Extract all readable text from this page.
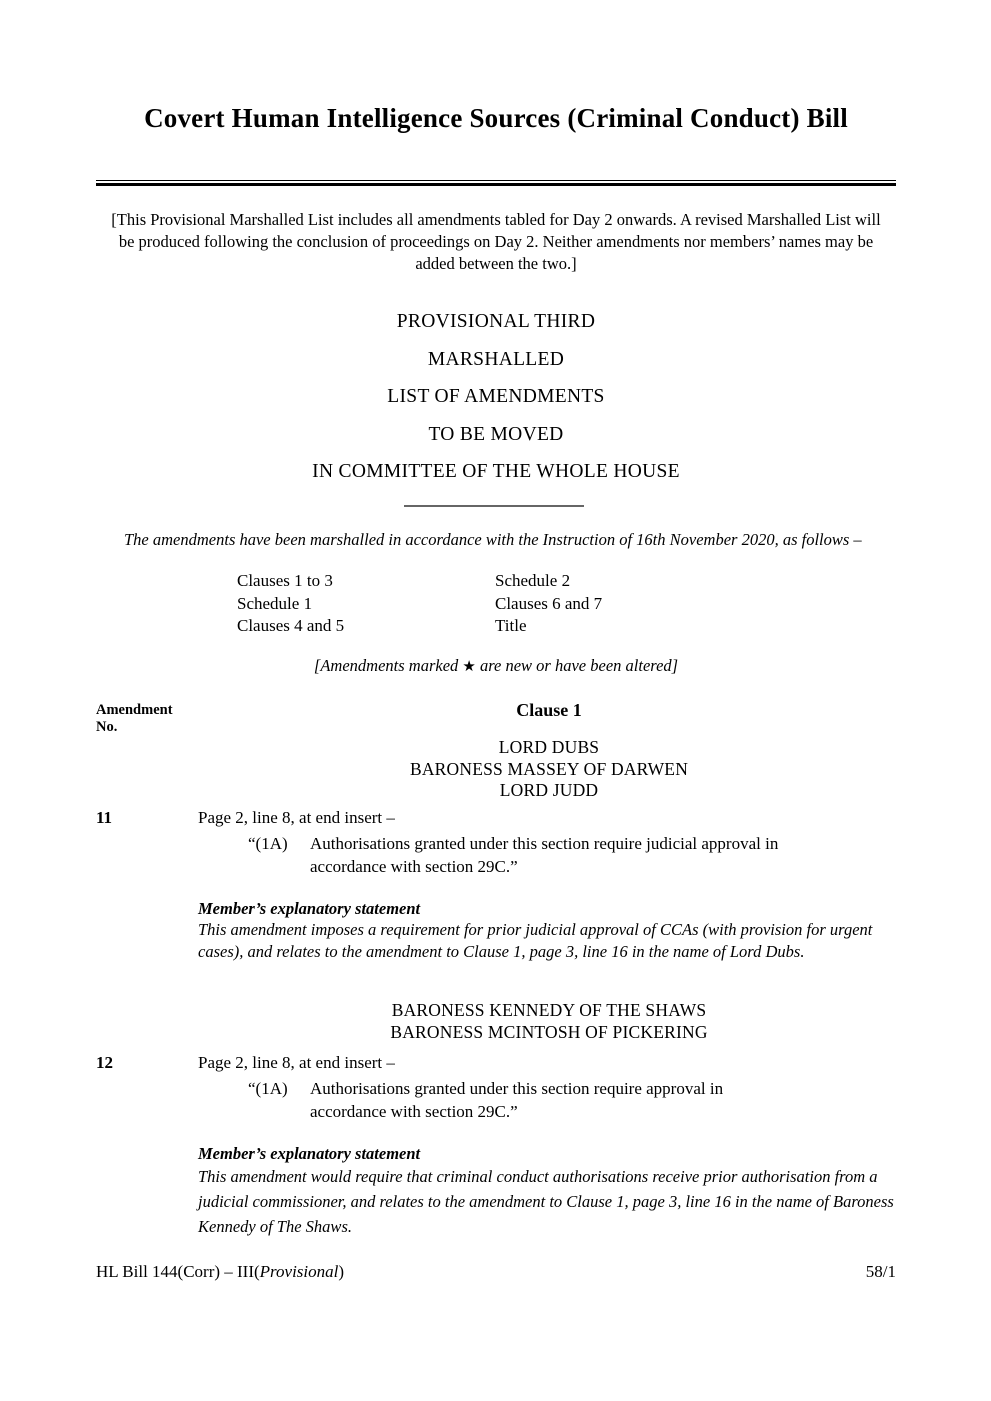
Covert Human Intelligence Sources (Criminal Conduct) Bill
[This Provisional Marshalled List includes all amendments tabled for Day 2 onwards. A revised Marshalled List will be produced following the conclusion of proceedings on Day 2. Neither amendments nor members’ names may be added between the two.]
PROVISIONAL THIRD
MARSHALLED
LIST OF AMENDMENTS
TO BE MOVED
IN COMMITTEE OF THE WHOLE HOUSE
The amendments have been marshalled in accordance with the Instruction of 16th November 2020, as follows –
Clauses 1 to 3	Schedule 2
Schedule 1	Clauses 6 and 7
Clauses 4 and 5	Title
[Amendments marked ★ are new or have been altered]
Amendment
No.
Clause 1
LORD DUBS
BARONESS MASSEY OF DARWEN
LORD JUDD
11	Page 2, line 8, at end insert –
“(1A) Authorisations granted under this section require judicial approval in
accordance with section 29C.”
Member’s explanatory statement
This amendment imposes a requirement for prior judicial approval of CCAs (with provision for urgent cases), and relates to the amendment to Clause 1, page 3, line 16 in the name of Lord Dubs.
BARONESS KENNEDY OF THE SHAWS
BARONESS MCINTOSH OF PICKERING
12	Page 2, line 8, at end insert –
“(1A) Authorisations granted under this section require approval in
accordance with section 29C.”
Member’s explanatory statement
This amendment would require that criminal conduct authorisations receive prior authorisation from a judicial commissioner, and relates to the amendment to Clause 1, page 3, line 16 in the name of Baroness Kennedy of The Shaws.
HL Bill 144(Corr) – III(Provisional)	58/1
